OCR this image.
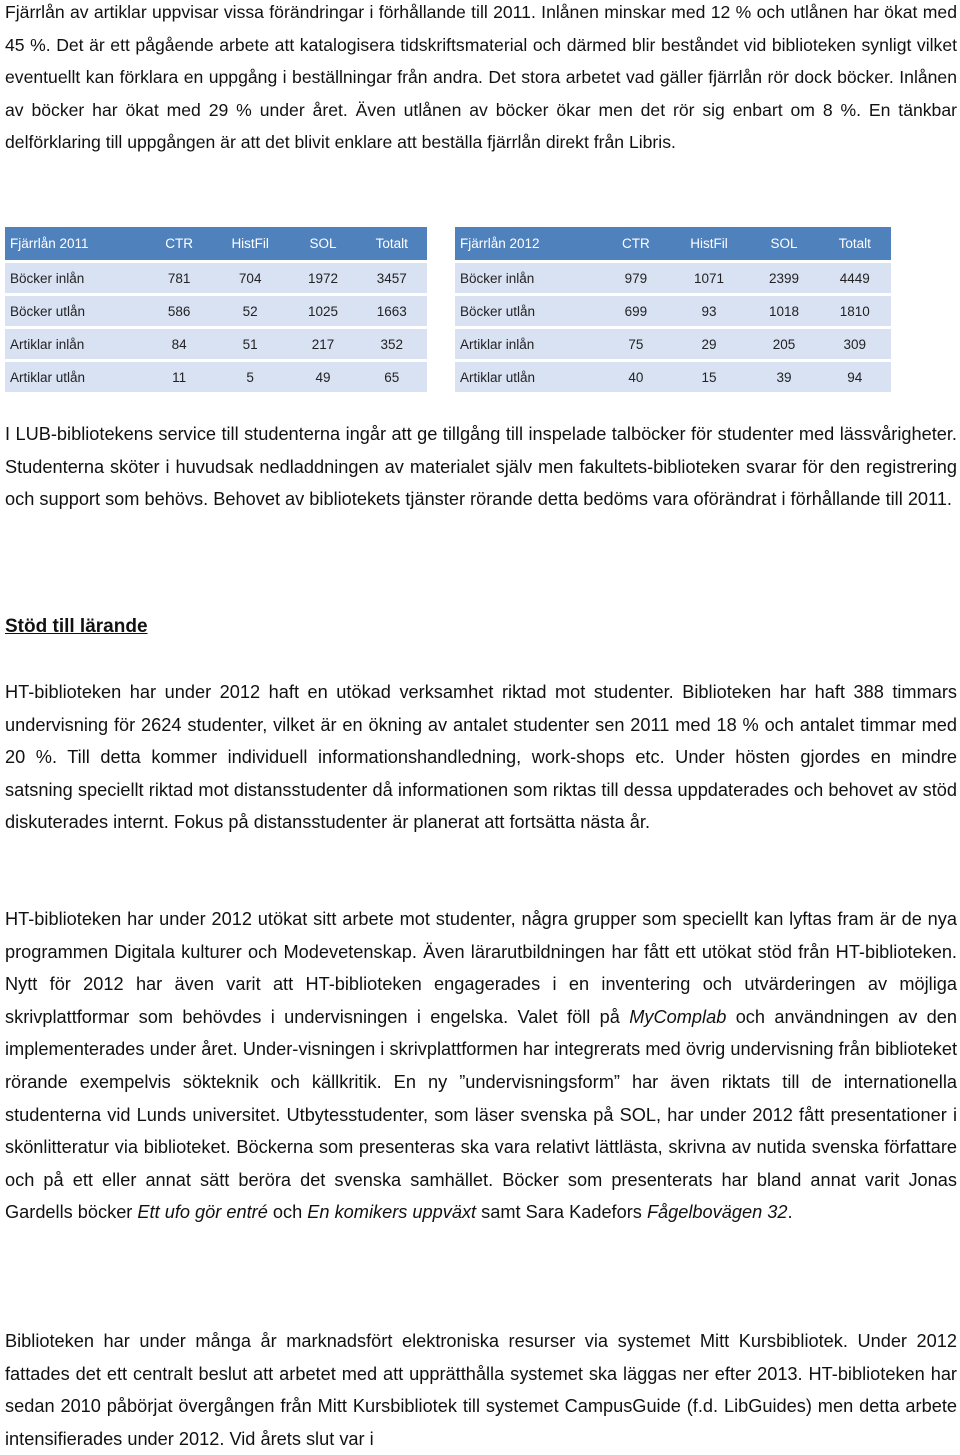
Fjärrlån av artiklar uppvisar vissa förändringar i förhållande till 2011. Inlånen minskar med 12 % och utlånen har ökat med 45 %. Det är ett pågående arbete att katalogisera tidskriftsmaterial och därmed blir beståndet vid biblioteken synligt vilket eventuellt kan förklara en uppgång i beställningar från andra. Det stora arbetet vad gäller fjärrlån rör dock böcker. Inlånen av böcker har ökat med 29 % under året. Även utlånen av böcker ökar men det rör sig enbart om 8 %. En tänkbar delförklaring till uppgången är att det blivit enklare att beställa fjärrlån direkt från Libris.

Fjärrlån 2011	CTR	HistFil	SOL	Totalt
Böcker inlån	781	704	1972	3457
Böcker utlån	586	52	1025	1663
Artiklar inlån	84	51	217	352
Artiklar utlån	11	5	49	65
Fjärrlån 2012	CTR	HistFil	SOL	Totalt
Böcker inlån	979	1071	2399	4449
Böcker utlån	699	93	1018	1810
Artiklar inlån	75	29	205	309
Artiklar utlån	40	15	39	94

I LUB-bibliotekens service till studenterna ingår att ge tillgång till inspelade talböcker för studenter med lässvårigheter. Studenterna sköter i huvudsak nedladdningen av materialet själv men fakultets-biblioteken svarar för den registrering och support som behövs. Behovet av bibliotekets tjänster rörande detta bedöms vara oförändrat i förhållande till 2011.

Stöd till lärande

HT-biblioteken har under 2012 haft en utökad verksamhet riktad mot studenter. Biblioteken har haft 388 timmars undervisning för 2624 studenter, vilket är en ökning av antalet studenter sen 2011 med 18 % och antalet timmar med 20 %. Till detta kommer individuell informationshandledning, work-shops etc. Under hösten gjordes en mindre satsning speciellt riktad mot distansstudenter då informationen som riktas till dessa uppdaterades och behovet av stöd diskuterades internt. Fokus på distansstudenter är planerat att fortsätta nästa år.

HT-biblioteken har under 2012 utökat sitt arbete mot studenter, några grupper som speciellt kan lyftas fram är de nya programmen Digitala kulturer och Modevetenskap. Även lärarutbildningen har fått ett utökat stöd från HT-biblioteken. Nytt för 2012 har även varit att HT-biblioteken engagerades i en inventering och utvärderingen av möjliga skrivplattformar som behövdes i undervisningen i engelska. Valet föll på MyComplab och användningen av den implementerades under året. Under-visningen i skrivplattformen har integrerats med övrig undervisning från biblioteket rörande exempelvis sökteknik och källkritik. En ny ”undervisningsform” har även riktats till de internationella studenterna vid Lunds universitet. Utbytesstudenter, som läser svenska på SOL, har under 2012 fått presentationer i skönlitteratur via biblioteket. Böckerna som presenteras ska vara relativt lättlästa, skrivna av nutida svenska författare och på ett eller annat sätt beröra det svenska samhället. Böcker som presenterats har bland annat varit Jonas Gardells böcker Ett ufo gör entré och En komikers uppväxt samt Sara Kadefors Fågelbovägen 32.

Biblioteken har under många år marknadsfört elektroniska resurser via systemet Mitt Kursbibliotek. Under 2012 fattades det ett centralt beslut att arbetet med att upprätthålla systemet ska läggas ner efter 2013. HT-biblioteken har sedan 2010 påbörjat övergången från Mitt Kursbibliotek till systemet CampusGuide (f.d. LibGuides) men detta arbete intensifierades under 2012. Vid årets slut var i
